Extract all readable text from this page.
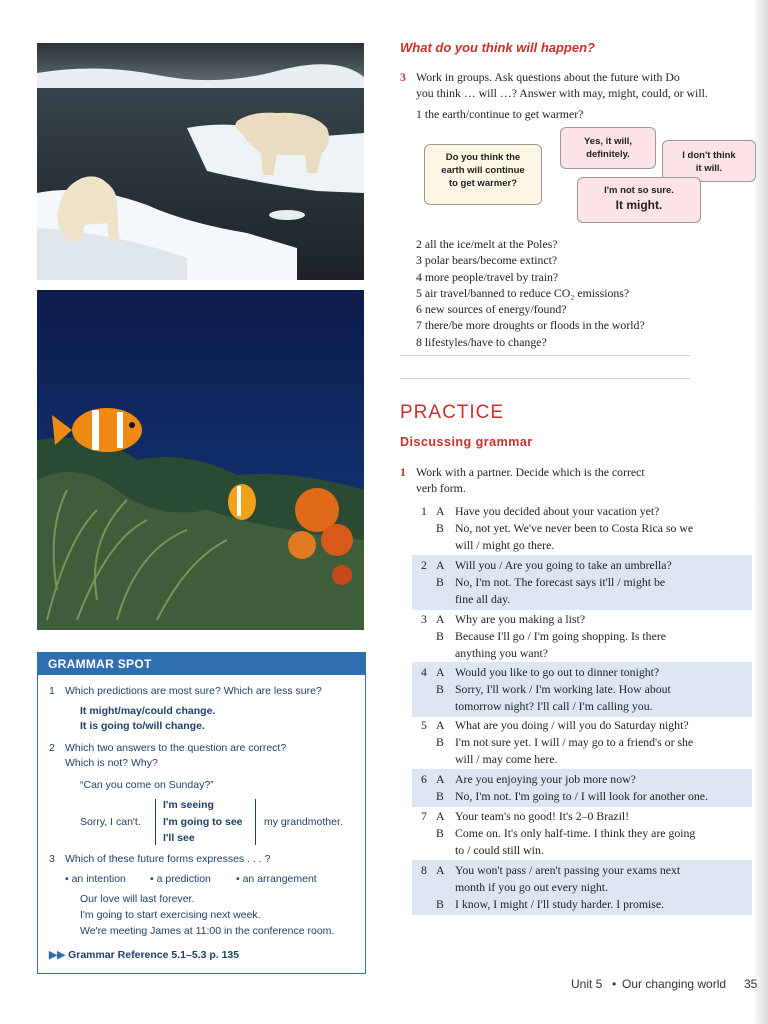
GRAMMAR SPOT
1 Which predictions are most sure? Which are less sure?
It might/may/could change.
It is going to/will change.
2 Which two answers to the question are correct?
Which is not? Why?
“Can you come on Sunday?”
Sorry, I can't.
I'm seeing
I'm going to see
I'll see
my grandmother.
3 Which of these future forms expresses . . . ?
• an intention • a prediction • an arrangement
Our love will last forever.
I'm going to start exercising next week.
We're meeting James at 11:00 in the conference room.
▶▶ Grammar Reference 5.1–5.3 p. 135
What do you think will happen?
3 Work in groups. Ask questions about the future with Do
you think … will …? Answer with may, might, could, or will.
1 the earth/continue to get warmer?
Do you think the
earth will continue
to get warmer?
Yes, it will,
definitely.	I don't think
it will.
I'm not so sure.
It might.
2 all the ice/melt at the Poles?
3 polar bears/become extinct?
4 more people/travel by train?
5 air travel/banned to reduce CO₂ emissions?
6 new sources of energy/found?
7 there/be more droughts or floods in the world?
8 lifestyles/have to change?
PRACTICE
Discussing grammar
1 Work with a partner. Decide which is the correct
verb form.
1 A Have you decided about your vacation yet?
B No, not yet. We've never been to Costa Rica so we
will / might go there.
2 A Will you / Are you going to take an umbrella?
B No, I'm not. The forecast says it'll / might be
fine all day.
3 A Why are you making a list?
B Because I'll go / I'm going shopping. Is there
anything you want?
4 A Would you like to go out to dinner tonight?
B Sorry, I'll work / I'm working late. How about
tomorrow night? I'll call / I'm calling you.
5 A What are you doing / will you do Saturday night?
B I'm not sure yet. I will / may go to a friend's or she
will / may come here.
6 A Are you enjoying your job more now?
B No, I'm not. I'm going to / I will look for another one.
7 A Your team's no good! It's 2–0 Brazil!
B Come on. It's only half-time. I think they are going
to / could still win.
8 A You won't pass / aren't passing your exams next
month if you go out every night.
B I know, I might / I'll study harder. I promise.
Unit 5 • Our changing world 35
